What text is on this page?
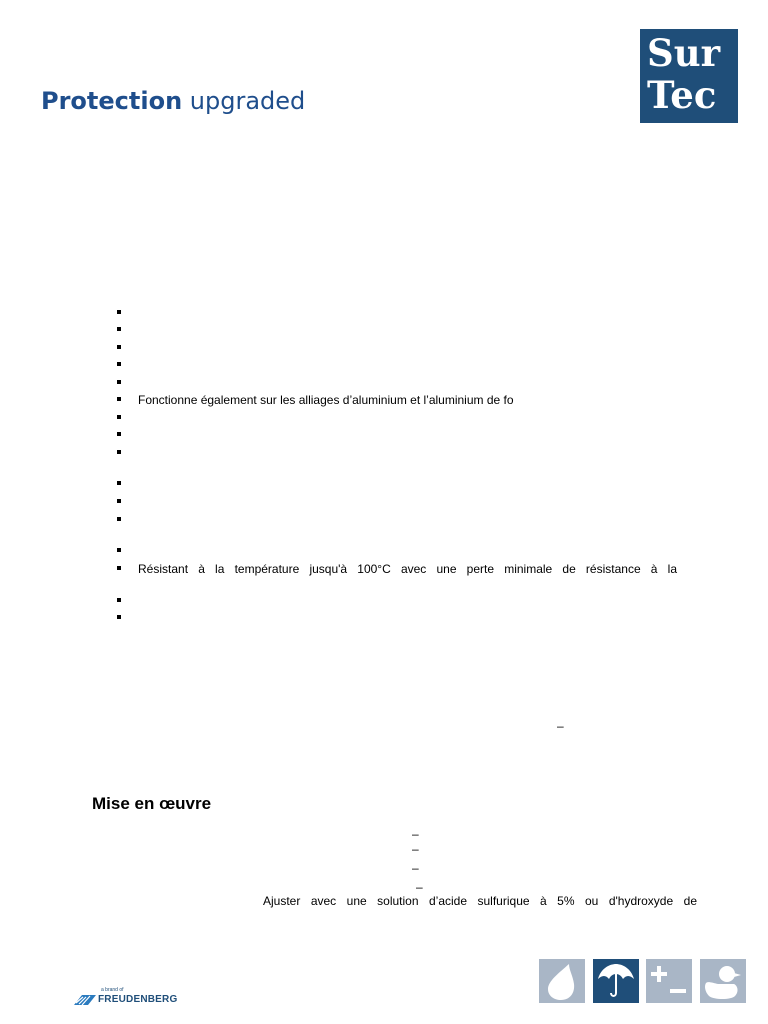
Protection upgraded
Sur
Tec
Fonctionne également sur les alliages d’aluminium et l’aluminium de fo
Résistant à la température jusqu'à 100°C avec une perte minimale de résistance à la
–
Mise en œuvre
–
–
–
–
Ajuster avec une solution d’acide sulfurique à 5% ou d'hydroxyde de
a brand of
FREUDENBERG
